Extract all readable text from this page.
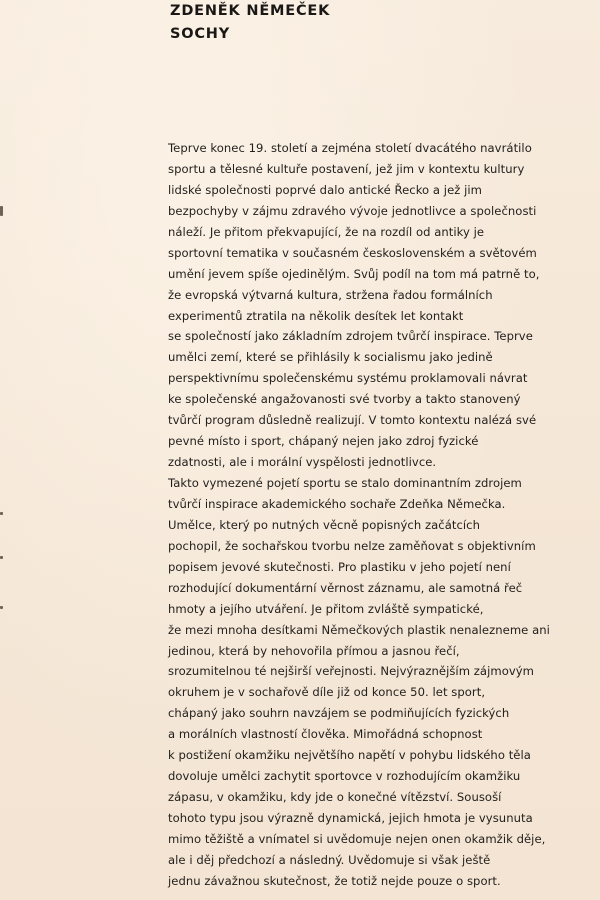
ZDENĚK NĚMEČEK
SOCHY
Teprve konec 19. století a zejména století dvacátého navrátilo
sportu a tělesné kultuře postavení, jež jim v kontextu kultury
lidské společnosti poprvé dalo antické Řecko a jež jim
bezpochyby v zájmu zdravého vývoje jednotlivce a společnosti
náleží. Je přitom překvapující, že na rozdíl od antiky je
sportovní tematika v současném československém a světovém
umění jevem spíše ojedinělým. Svůj podíl na tom má patrně to,
že evropská výtvarná kultura, stržena řadou formálních
experimentů ztratila na několik desítek let kontakt
se společností jako základním zdrojem tvůrčí inspirace. Teprve
umělci zemí, které se přihlásily k socialismu jako jedině
perspektivnímu společenskému systému proklamovali návrat
ke společenské angažovanosti své tvorby a takto stanovený
tvůrčí program důsledně realizují. V tomto kontextu nalézá své
pevné místo i sport, chápaný nejen jako zdroj fyzické
zdatnosti, ale i morální vyspělosti jednotlivce.
Takto vymezené pojetí sportu se stalo dominantním zdrojem
tvůrčí inspirace akademického sochaře Zdeňka Němečka.
Umělce, který po nutných věcně popisných začátcích
pochopil, že sochařskou tvorbu nelze zaměňovat s objektivním
popisem jevové skutečnosti. Pro plastiku v jeho pojetí není
rozhodující dokumentární věrnost záznamu, ale samotná řeč
hmoty a jejího utváření. Je přitom zvláště sympatické,
že mezi mnoha desítkami Němečkových plastik nenalezneme ani
jedinou, která by nehovořila přímou a jasnou řečí,
srozumitelnou té nejširší veřejnosti. Nejvýraznějším zájmovým
okruhem je v sochařově díle již od konce 50. let sport,
chápaný jako souhrn navzájem se podmiňujících fyzických
a morálních vlastností člověka. Mimořádná schopnost
k postižení okamžiku největšího napětí v pohybu lidského těla
dovoluje umělci zachytit sportovce v rozhodujícím okamžiku
zápasu, v okamžiku, kdy jde o konečné vítězství. Sousoší
tohoto typu jsou výrazně dynamická, jejich hmota je vysunuta
mimo těžiště a vnímatel si uvědomuje nejen onen okamžik děje,
ale i děj předchozí a následný. Uvědomuje si však ještě
jednu závažnou skutečnost, že totiž nejde pouze o sport.
